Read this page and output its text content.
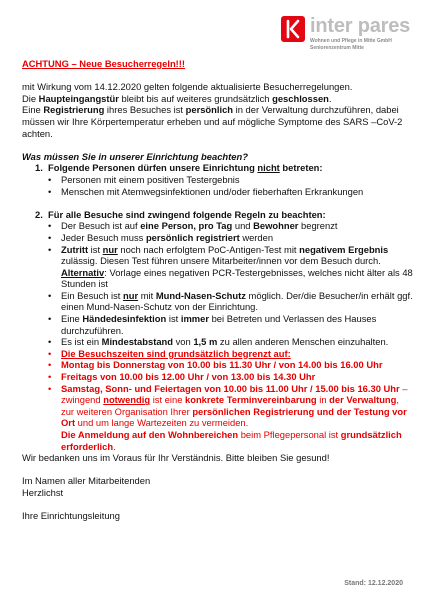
inter pares
Wohnen und Pflege in Mitte GmbH
Seniorenzentrum Mitte

ACHTUNG – Neue Besucherregeln!!!

mit Wirkung vom 14.12.2020 gelten folgende aktualisierte Besucherregelungen.

Die Haupteingangstür bleibt bis auf weiteres grundsätzlich geschlossen.

Eine Registrierung ihres Besuches ist persönlich in der Verwaltung durchzuführen, dabei müssen wir Ihre Körpertemperatur erheben und auf mögliche Symptome des SARS –CoV-2 achten.

Was müssen Sie in unserer Einrichtung beachten?

1. Folgende Personen dürfen unsere Einrichtung nicht betreten:
• Personen mit einem positiven Testergebnis
• Menschen mit Atemwegsinfektionen und/oder fieberhaften Erkrankungen
2. Für alle Besuche sind zwingend folgende Regeln zu beachten:
• Der Besuch ist auf eine Person, pro Tag und Bewohner begrenzt
• Jeder Besuch muss persönlich registriert werden
• Zutritt ist nur noch nach erfolgtem PoC-Antigen-Test mit negativem Ergebnis zulässig. Diesen Test führen unsere Mitarbeiter/innen vor dem Besuch durch. Alternativ: Vorlage eines negativen PCR-Testergebnisses, welches nicht älter als 48 Stunden ist
• Ein Besuch ist nur mit Mund-Nasen-Schutz möglich. Der/die Besucher/in erhält ggf. einen Mund-Nasen-Schutz von der Einrichtung.
• Eine Händedesinfektion ist immer bei Betreten und Verlassen des Hauses durchzuführen.
• Es ist ein Mindestabstand von 1,5 m zu allen anderen Menschen einzuhalten.
• Die Besuchszeiten sind grundsätzlich begrenzt auf:
• Montag bis Donnerstag von 10.00 bis 11.30 Uhr / von 14.00 bis 16.00 Uhr
• Freitags von 10.00 bis 12.00 Uhr / von 13.00 bis 14.30 Uhr
• Samstag, Sonn- und Feiertagen von 10.00 bis 11.00 Uhr / 15.00 bis 16.30 Uhr – zwingend notwendig ist eine konkrete Terminvereinbarung in der Verwaltung, zur weiteren Organisation Ihrer persönlichen Registrierung und der Testung vor Ort und um lange Wartezeiten zu vermeiden.
Die Anmeldung auf den Wohnbereichen beim Pflegepersonal ist grundsätzlich erforderlich.

Wir bedanken uns im Voraus für Ihr Verständnis. Bitte bleiben Sie gesund!

Im Namen aller Mitarbeitenden

Herzlichst

Ihre Einrichtungsleitung

Stand: 12.12.2020
